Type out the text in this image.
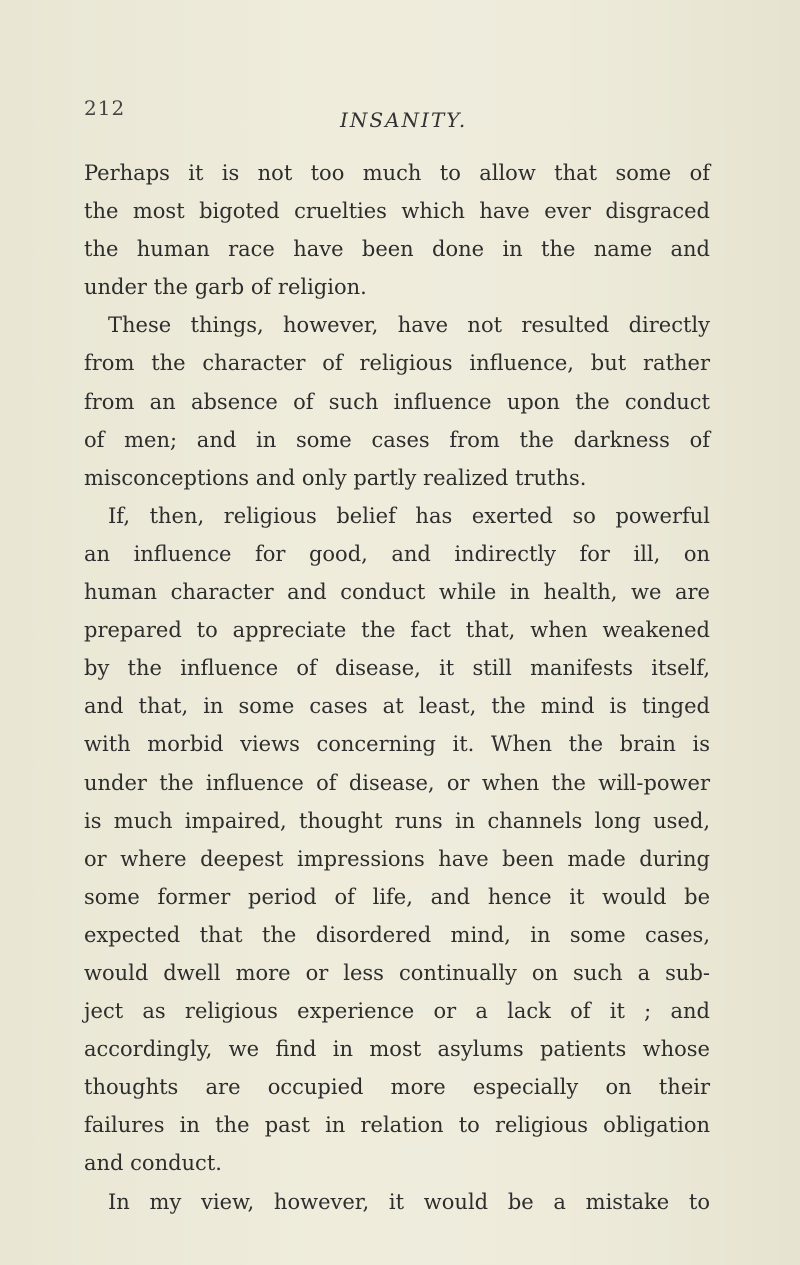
212	INSANITY.
Perhaps it is not too much to allow that some of
the most bigoted cruelties which have ever disgraced
the human race have been done in the name and
under the garb of religion.
These things, however, have not resulted directly
from the character of religious influence, but rather
from an absence of such influence upon the conduct
of men; and in some cases from the darkness of
misconceptions and only partly realized truths.
If, then, religious belief has exerted so powerful
an influence for good, and indirectly for ill, on
human character and conduct while in health, we are
prepared to appreciate the fact that, when weakened
by the influence of disease, it still manifests itself,
and that, in some cases at least, the mind is tinged
with morbid views concerning it. When the brain is
under the influence of disease, or when the will-power
is much impaired, thought runs in channels long used,
or where deepest impressions have been made during
some former period of life, and hence it would be
expected that the disordered mind, in some cases,
would dwell more or less continually on such a sub-
ject as religious experience or a lack of it ; and
accordingly, we find in most asylums patients whose
thoughts are occupied more especially on their
failures in the past in relation to religious obligation
and conduct.
In my view, however, it would be a mistake to
